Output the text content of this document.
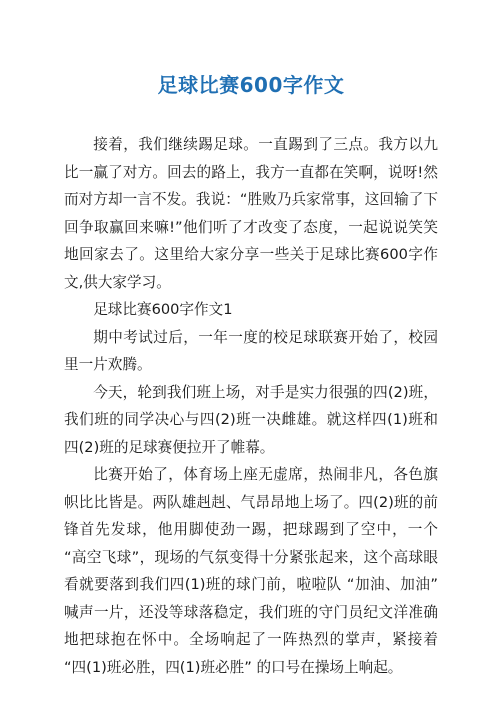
足球比赛600字作文

接着，我们继续踢足球。一直踢到了三点。我方以九比一赢了对方。回去的路上，我方一直都在笑啊，说呀!然而对方却一言不发。我说：“胜败乃兵家常事，这回输了下回争取赢回来嘛!”他们听了才改变了态度，一起说说笑笑地回家去了。这里给大家分享一些关于足球比赛600字作文,供大家学习。

足球比赛600字作文1

期中考试过后，一年一度的校足球联赛开始了，校园里一片欢腾。

今天，轮到我们班上场，对手是实力很强的四(2)班，我们班的同学决心与四(2)班一决雌雄。就这样四(1)班和四(2)班的足球赛便拉开了帷幕。

比赛开始了，体育场上座无虚席，热闹非凡，各色旗帜比比皆是。两队雄赳赳、气昂昂地上场了。四(2)班的前锋首先发球，他用脚使劲一踢，把球踢到了空中，一个 “高空飞球”，现场的气氛变得十分紧张起来，这个高球眼看就要落到我们四(1)班的球门前，啦啦队 “加油、加油” 喊声一片，还没等球落稳定，我们班的守门员纪文洋准确地把球抱在怀中。全场响起了一阵热烈的掌声，紧接着 “四(1)班必胜，四(1)班必胜” 的口号在操场上响起。
